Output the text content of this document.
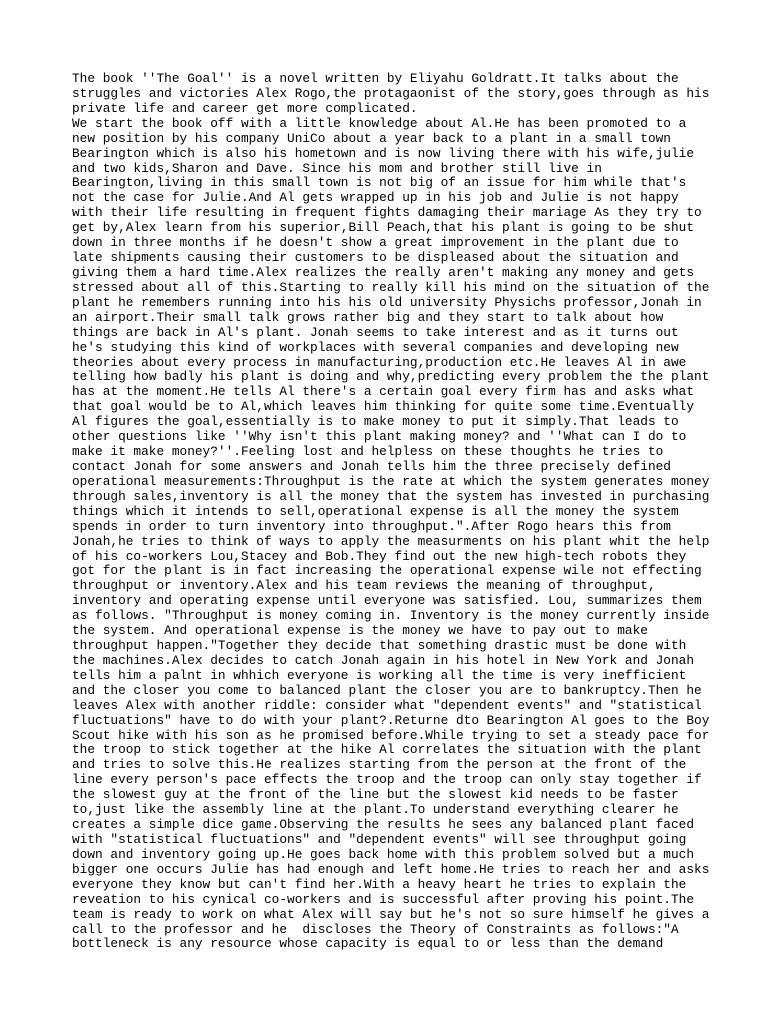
The book ''The Goal'' is a novel written by Eliyahu Goldratt.It talks about the
struggles and victories Alex Rogo,the protagaonist of the story,goes through as his
private life and career get more complicated.
We start the book off with a little knowledge about Al.He has been promoted to a
new position by his company UniCo about a year back to a plant in a small town
Bearington which is also his hometown and is now living there with his wife,julie
and two kids,Sharon and Dave. Since his mom and brother still live in
Bearington,living in this small town is not big of an issue for him while that's
not the case for Julie.And Al gets wrapped up in his job and Julie is not happy
with their life resulting in frequent fights damaging their mariage As they try to
get by,Alex learn from his superior,Bill Peach,that his plant is going to be shut
down in three months if he doesn't show a great improvement in the plant due to
late shipments causing their customers to be displeased about the situation and
giving them a hard time.Alex realizes the really aren't making any money and gets
stressed about all of this.Starting to really kill his mind on the situation of the
plant he remembers running into his his old university Physichs professor,Jonah in
an airport.Their small talk grows rather big and they start to talk about how
things are back in Al's plant. Jonah seems to take interest and as it turns out
he's studying this kind of workplaces with several companies and developing new
theories about every process in manufacturing,production etc.He leaves Al in awe
telling how badly his plant is doing and why,predicting every problem the the plant
has at the moment.He tells Al there's a certain goal every firm has and asks what
that goal would be to Al,which leaves him thinking for quite some time.Eventually
Al figures the goal,essentially is to make money to put it simply.That leads to
other questions like ''Why isn't this plant making money? and ''What can I do to
make it make money?''.Feeling lost and helpless on these thoughts he tries to
contact Jonah for some answers and Jonah tells him the three precisely defined
operational measurements:Throughput is the rate at which the system generates money
through sales,inventory is all the money that the system has invested in purchasing
things which it intends to sell,operational expense is all the money the system
spends in order to turn inventory into throughput.".After Rogo hears this from
Jonah,he tries to think of ways to apply the measurments on his plant whit the help
of his co-workers Lou,Stacey and Bob.They find out the new high-tech robots they
got for the plant is in fact increasing the operational expense wile not effecting
throughput or inventory.Alex and his team reviews the meaning of throughput,
inventory and operating expense until everyone was satisfied. Lou, summarizes them
as follows. "Throughput is money coming in. Inventory is the money currently inside
the system. And operational expense is the money we have to pay out to make
throughput happen."Together they decide that something drastic must be done with
the machines.Alex decides to catch Jonah again in his hotel in New York and Jonah
tells him a palnt in whhich everyone is working all the time is very inefficient
and the closer you come to balanced plant the closer you are to bankruptcy.Then he
leaves Alex with another riddle: consider what "dependent events" and "statistical
fluctuations" have to do with your plant?.Returne dto Bearington Al goes to the Boy
Scout hike with his son as he promised before.While trying to set a steady pace for
the troop to stick together at the hike Al correlates the situation with the plant
and tries to solve this.He realizes starting from the person at the front of the
line every person's pace effects the troop and the troop can only stay together if
the slowest guy at the front of the line but the slowest kid needs to be faster
to,just like the assembly line at the plant.To understand everything clearer he
creates a simple dice game.Observing the results he sees any balanced plant faced
with "statistical fluctuations" and "dependent events" will see throughput going
down and inventory going up.He goes back home with this problem solved but a much
bigger one occurs Julie has had enough and left home.He tries to reach her and asks
everyone they know but can't find her.With a heavy heart he tries to explain the
reveation to his cynical co-workers and is successful after proving his point.The
team is ready to work on what Alex will say but he's not so sure himself he gives a
call to the professor and he  discloses the Theory of Constraints as follows:"A
bottleneck is any resource whose capacity is equal to or less than the demand
